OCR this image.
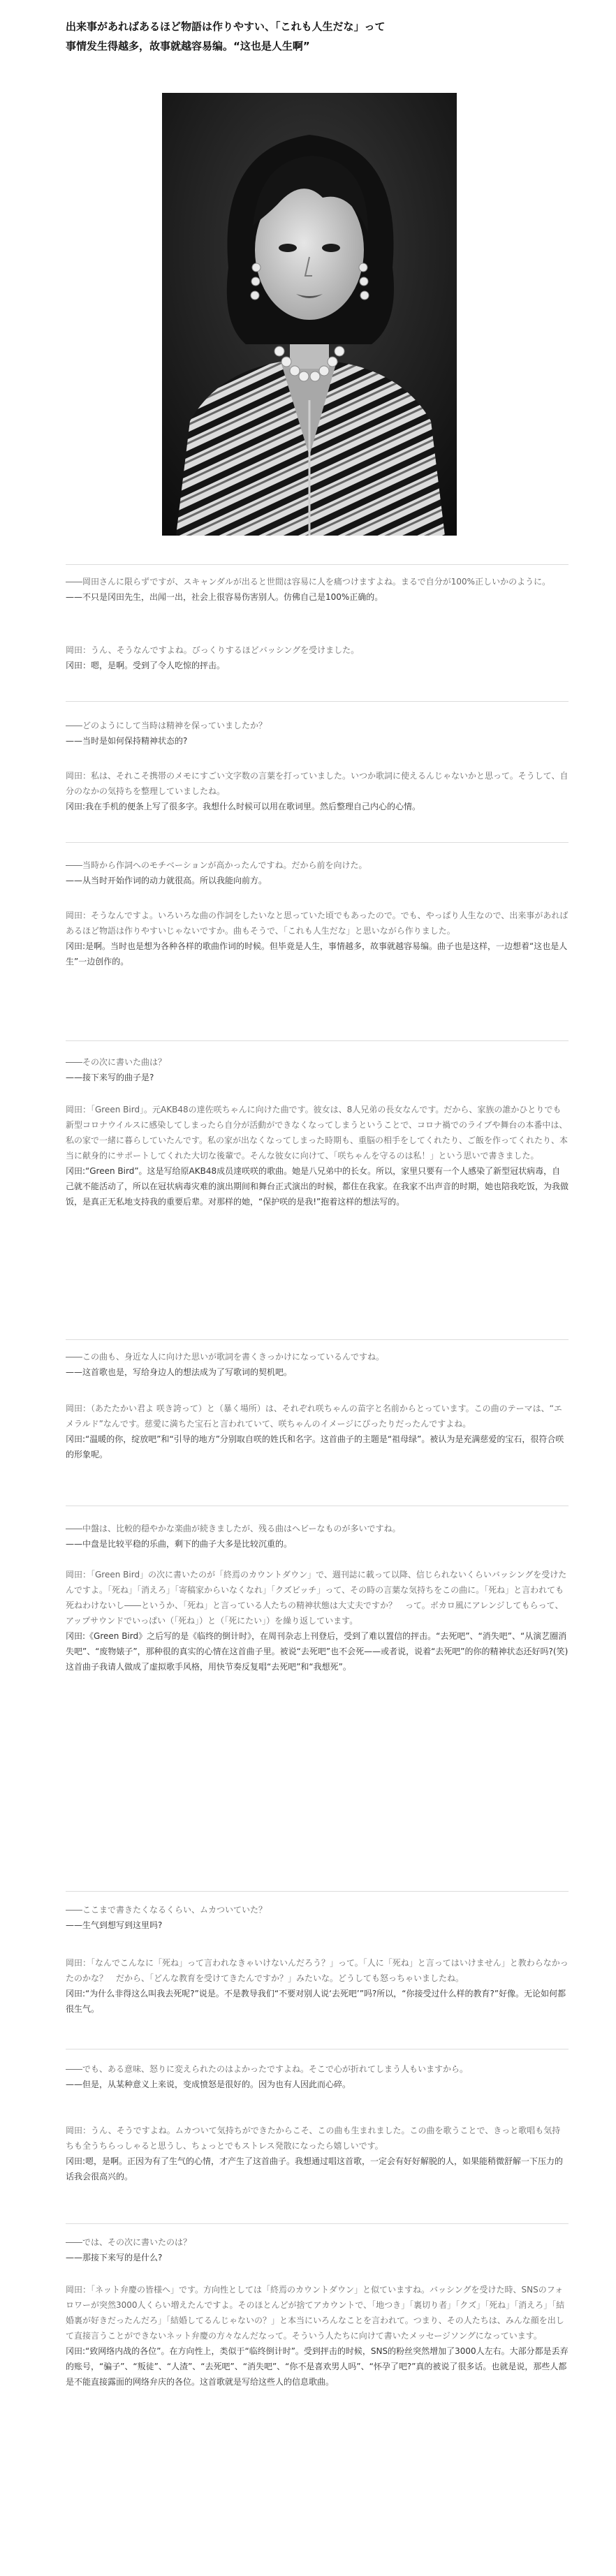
出来事があればあるほど物語は作りやすい、「これも人生だな」って
事情发生得越多，故事就越容易编。“这也是人生啊”

――岡田さんに限らずですが、スキャンダルが出ると世間は容易に人を痛つけますよね。まるで自分が100%正しいかのように。

——不只是冈田先生，出闻一出，社会上很容易伤害别人。仿佛自己是100%正确的。

岡田：うん、そうなんですよね。びっくりするほどバッシングを受けました。

冈田：嗯，是啊。受到了令人吃惊的抨击。

――どのようにして当時は精神を保っていましたか？

——当时是如何保持精神状态的?

岡田：私は、それこそ携帯のメモにすごい文字数の言葉を打っていました。いつか歌詞に使えるんじゃないかと思って。そうして、自分のなかの気持ちを整理していましたね。

冈田:我在手机的便条上写了很多字。我想什么时候可以用在歌词里。然后整理自己内心的心情。

――当時から作詞へのモチベーションが高かったんですね。だから前を向けた。

——从当时开始作词的动力就很高。所以我能向前方。

岡田：そうなんですよ。いろいろな曲の作詞をしたいなと思っていた頃でもあったので。でも、やっぱり人生なので、出来事があればあるほど物語は作りやすいじゃないですか。曲もそうで、「これも人生だな」と思いながら作りました。

冈田:是啊。当时也是想为各种各样的歌曲作词的时候。但毕竟是人生，事情越多，故事就越容易编。曲子也是这样，一边想着“这也是人生”一边创作的。

――その次に書いた曲は？

——接下来写的曲子是?

岡田：「Green Bird」。元AKB48の達佐咲ちゃんに向けた曲です。彼女は、8人兄弟の長女なんです。だから、家族の誰かひとりでも新型コロナウイルスに感染してしまったら自分が活動ができなくなってしまうということで、コロナ禍でのライブや舞台の本番中は、私の家で一緒に暮らしていたんです。私の家が出なくなってしまった時期も、重脳の相手をしてくれたり、ご飯を作ってくれたり、本当に献身的にサポートしてくれた大切な後輩で。そんな彼女に向けて、「咲ちゃんを守るのは私！」という思いで書きました。

冈田:“Green Bird”。这是写给原AKB48成员達咲咲的歌曲。她是八兄弟中的长女。所以，家里只要有一个人感染了新型冠状病毒，自己就不能活动了，所以在冠状病毒灾难的演出期间和舞台正式演出的时候，都住在我家。在我家不出声音的时期，她也陪我吃饭，为我做饭，是真正无私地支持我的重要后辈。对那样的她，“保护咲的是我!”抱着这样的想法写的。

――この曲も、身近な人に向けた思いが歌詞を書くきっかけになっているんですね。

——这首歌也是，写给身边人的想法成为了写歌词的契机吧。

岡田：（あたたかい君よ 咲き誇って）と（暴く場所）は、それぞれ咲ちゃんの苗字と名前からとっています。この曲のテーマは、“エメラルド”なんです。慈愛に満ちた宝石と言われていて、咲ちゃんのイメージにぴったりだったんですよね。

冈田:“温暖的你，绽放吧”和“引导的地方”分别取自咲的姓氏和名字。这首曲子的主题是“祖母绿”。被认为是充满慈爱的宝石，很符合咲的形象呢。

――中盤は、比較的穏やかな楽曲が続きましたが、残る曲はヘビーなものが多いですね。

——中盘是比较平稳的乐曲，剩下的曲子大多是比较沉重的。

岡田：「Green Bird」の次に書いたのが「終焉のカウントダウン」で、週刊誌に載って以降、信じられないくらいバッシングを受けたんですよ。「死ね」「消えろ」「寄稿家からいなくなれ」「クズビッチ」って、その時の言葉な気持ちをこの曲に。「死ね」と言われても死ねわけないし――というか、「死ね」と言っている人たちの精神状態は大丈夫ですか？　って。ボカロ風にアレンジしてもらって、アップサウンドでいっぱい（「死ね」）と（「死にたい」）を繰り返しています。

冈田:《Green Bird》之后写的是《临终的倒计时》，在周刊杂志上刊登后，受到了难以置信的抨击。“去死吧”、“消失吧”、“从演艺圈消失吧”、“废物婊子”，那种很的真实的心情在这首曲子里。被说“去死吧”也不会死——或者说，说着“去死吧”的你的精神状态还好吗?(笑)这首曲子我请人做成了虚拟歌手风格，用快节奏反复唱“去死吧”和“我想死”。

――ここまで書きたくなるくらい、ムカついていた？

——生气到想写到这里吗?

岡田：「なんでこんなに「死ね」って言われなきゃいけないんだろう？」って。「人に「死ね」と言ってはいけません」と教わらなかったのかな？　だから、「どんな教育を受けてきたんですか？」みたいな。どうしても怒っちゃいましたね。

冈田:“为什么非得这么叫我去死呢?”说是。不是教导我们“不要对别人说‘去死吧’”吗?所以，“你接受过什么样的教育?”好像。无论如何都很生气。

――でも、ある意味、怒りに変えられたのはよかったですよね。そこで心が折れてしまう人もいますから。

——但是，从某种意义上来说，变成愤怒是很好的。因为也有人因此而心碎。

岡田：うん、そうですよね。ムカついて気持ちができたからこそ、この曲も生まれました。この曲を歌うことで、きっと歌唱も気持ちも全うちらっしゃると思うし、ちょっとでもストレス発散になったら嬉しいです。

冈田:嗯，是啊。正因为有了生气的心情，才产生了这首曲子。我想通过唱这首歌，一定会有好好解脱的人，如果能稍微舒解一下压力的话我会很高兴的。

――では、その次に書いたのは？

——那接下来写的是什么?

岡田：「ネット弁慶の皆様へ」です。方向性としては「終焉のカウントダウン」と似ていますね。バッシングを受けた時、SNSのフォロワーが突然3000人くらい増えたんですよ。そのほとんどが捨てアカウントで、「地つき」「裏切り者」「クズ」「死ね」「消えろ」「結婚裏が好きだったんだろ」「結婚してるんじゃないの？」と本当にいろんなことを言われて。つまり、その人たちは、みんな顔を出して直接言うことができないネット弁慶の方々なんだなって。そういう人たちに向けて書いたメッセージソングになっています。

冈田:“致网络内战的各位”。在方向性上，类似于“临终倒计时”。受到抨击的时候，SNS的粉丝突然增加了3000人左右。大部分都是丢弃的账号，“骗子”、“叛徒”、“人渣”、“去死吧”、“消失吧”、“你不是喜欢男人吗”、“怀孕了吧?”真的被说了很多话。也就是说，那些人都是不能直接露面的网络弁庆的各位。这首歌就是写给这些人的信息歌曲。
